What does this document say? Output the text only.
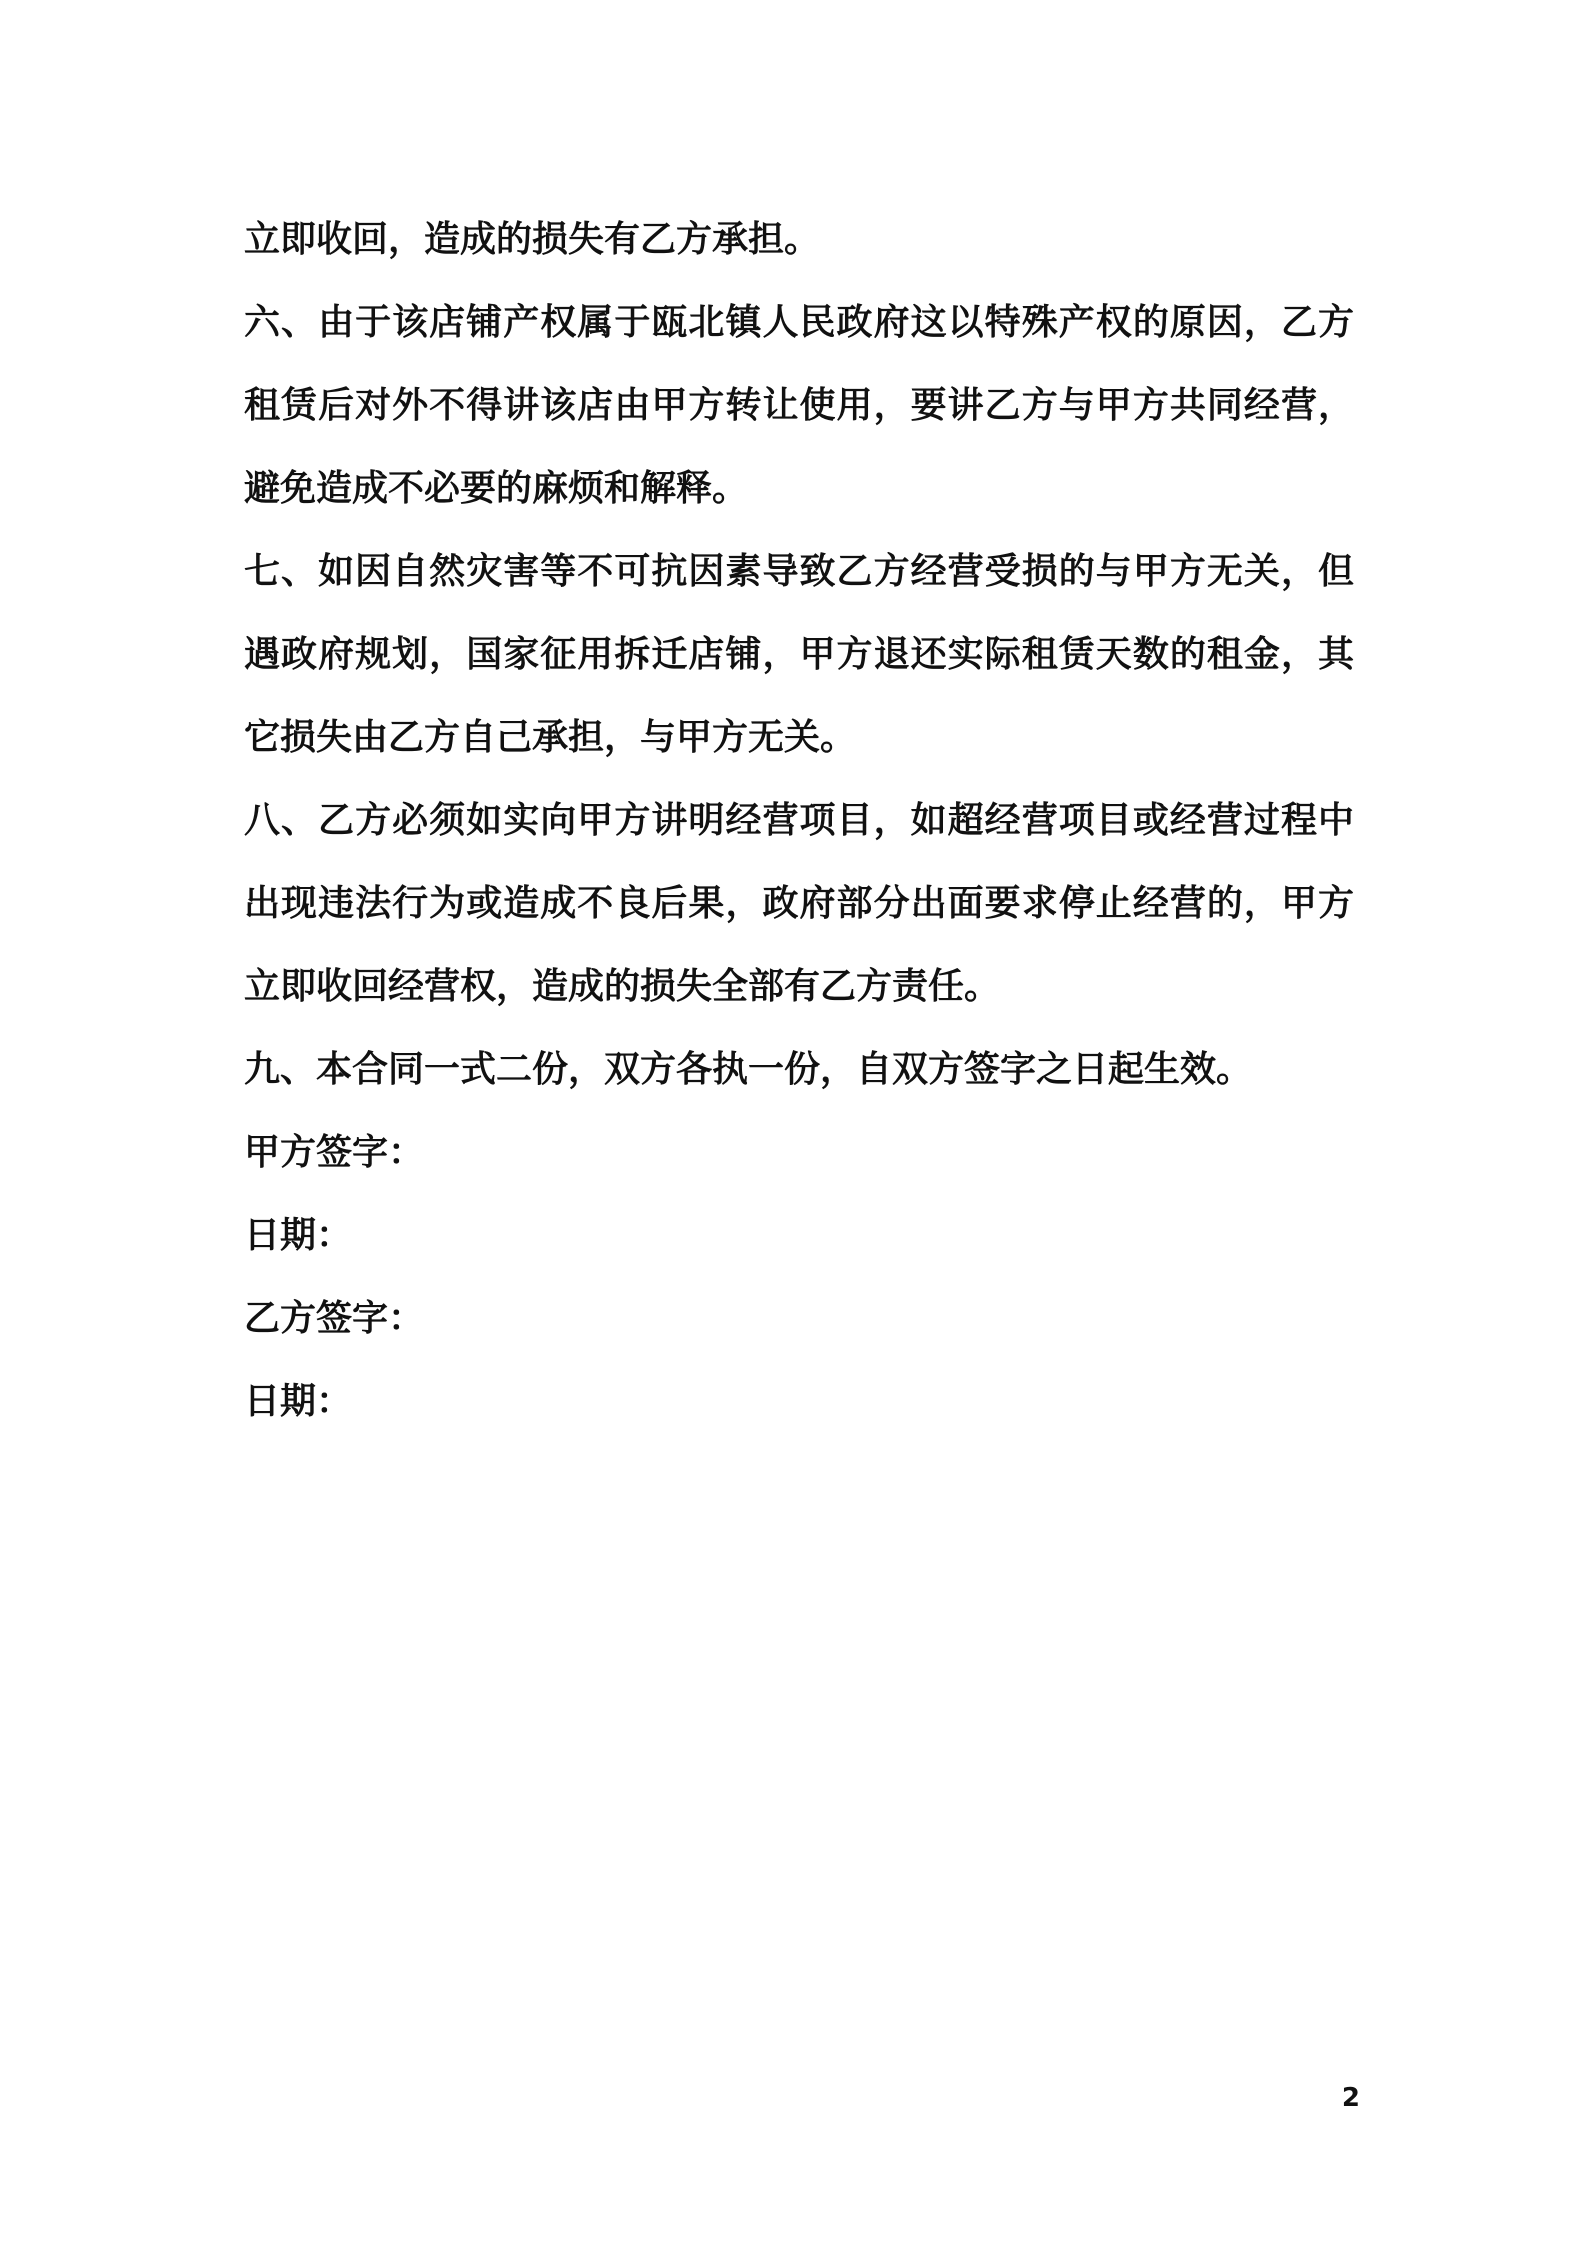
立即收回，造成的损失有乙方承担。

六、由于该店铺产权属于瓯北镇人民政府这以特殊产权的原因，乙方租赁后对外不得讲该店由甲方转让使用，要讲乙方与甲方共同经营，避免造成不必要的麻烦和解释。

七、如因自然灾害等不可抗因素导致乙方经营受损的与甲方无关，但遇政府规划，国家征用拆迁店铺，甲方退还实际租赁天数的租金，其它损失由乙方自己承担，与甲方无关。

八、乙方必须如实向甲方讲明经营项目，如超经营项目或经营过程中出现违法行为或造成不良后果，政府部分出面要求停止经营的，甲方立即收回经营权，造成的损失全部有乙方责任。

九、本合同一式二份，双方各执一份，自双方签字之日起生效。

甲方签字：

日期：

乙方签字：

日期：

2
